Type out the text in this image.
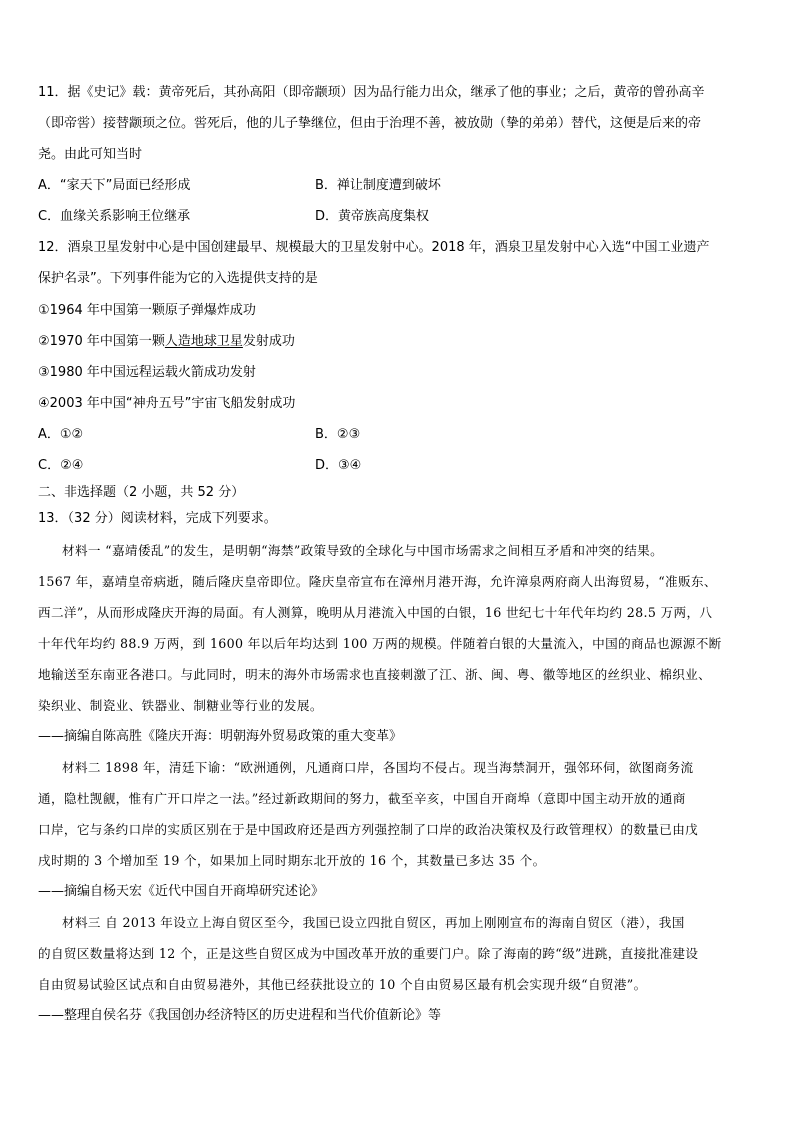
11．据《史记》载：黄帝死后，其孙高阳（即帝颛顼）因为品行能力出众，继承了他的事业；之后，黄帝的曾孙高辛
（即帝喾）接替颛顼之位。喾死后，他的儿子挚继位，但由于治理不善，被放勋（挚的弟弟）替代，这便是后来的帝
尧。由此可知当时
A．“家天下”局面已经形成	B．禅让制度遭到破坏
C．血缘关系影响王位继承	D．黄帝族高度集权
12．酒泉卫星发射中心是中国创建最早、规模最大的卫星发射中心。2018 年，酒泉卫星发射中心入选“中国工业遗产
保护名录”。下列事件能为它的入选提供支持的是
①1964 年中国第一颗原子弹爆炸成功
②1970 年中国第一颗人造地球卫星发射成功
③1980 年中国远程运载火箭成功发射
④2003 年中国“神舟五号”宇宙飞船发射成功
A．①②	B．②③
C．②④	D．③④
二、非选择题（2 小题，共 52 分）
13．（32 分）阅读材料，完成下列要求。
材料一 “嘉靖倭乱”的发生，是明朝“海禁”政策导致的全球化与中国市场需求之间相互矛盾和冲突的结果。
1567 年，嘉靖皇帝病逝，随后隆庆皇帝即位。隆庆皇帝宣布在漳州月港开海，允许漳泉两府商人出海贸易，“准贩东、
西二洋”，从而形成隆庆开海的局面。有人测算，晚明从月港流入中国的白银，16 世纪七十年代年均约 28.5 万两，八
十年代年均约 88.9 万两，到 1600 年以后年均达到 100 万两的规模。伴随着白银的大量流入，中国的商品也源源不断
地输送至东南亚各港口。与此同时，明末的海外市场需求也直接刺激了江、浙、闽、粤、徽等地区的丝织业、棉织业、
染织业、制瓷业、铁器业、制糖业等行业的发展。
——摘编自陈高胜《隆庆开海：明朝海外贸易政策的重大变革》
材料二 1898 年，清廷下谕：“欧洲通例，凡通商口岸，各国均不侵占。现当海禁洞开，强邻环伺，欲图商务流
通，隐杜觊觎，惟有广开口岸之一法。”经过新政期间的努力，截至辛亥，中国自开商埠（意即中国主动开放的通商
口岸，它与条约口岸的实质区别在于是中国政府还是西方列强控制了口岸的政治决策权及行政管理权）的数量已由戊
戌时期的 3 个增加至 19 个，如果加上同时期东北开放的 16 个，其数量已多达 35 个。
——摘编自杨天宏《近代中国自开商埠研究述论》
材料三 自 2013 年设立上海自贸区至今，我国已设立四批自贸区，再加上刚刚宣布的海南自贸区（港），我国
的自贸区数量将达到 12 个，正是这些自贸区成为中国改革开放的重要门户。除了海南的跨“级”进跳，直接批准建设
自由贸易试验区试点和自由贸易港外，其他已经获批设立的 10 个自由贸易区最有机会实现升级“自贸港”。
——整理自侯名芬《我国创办经济特区的历史进程和当代价值新论》等
